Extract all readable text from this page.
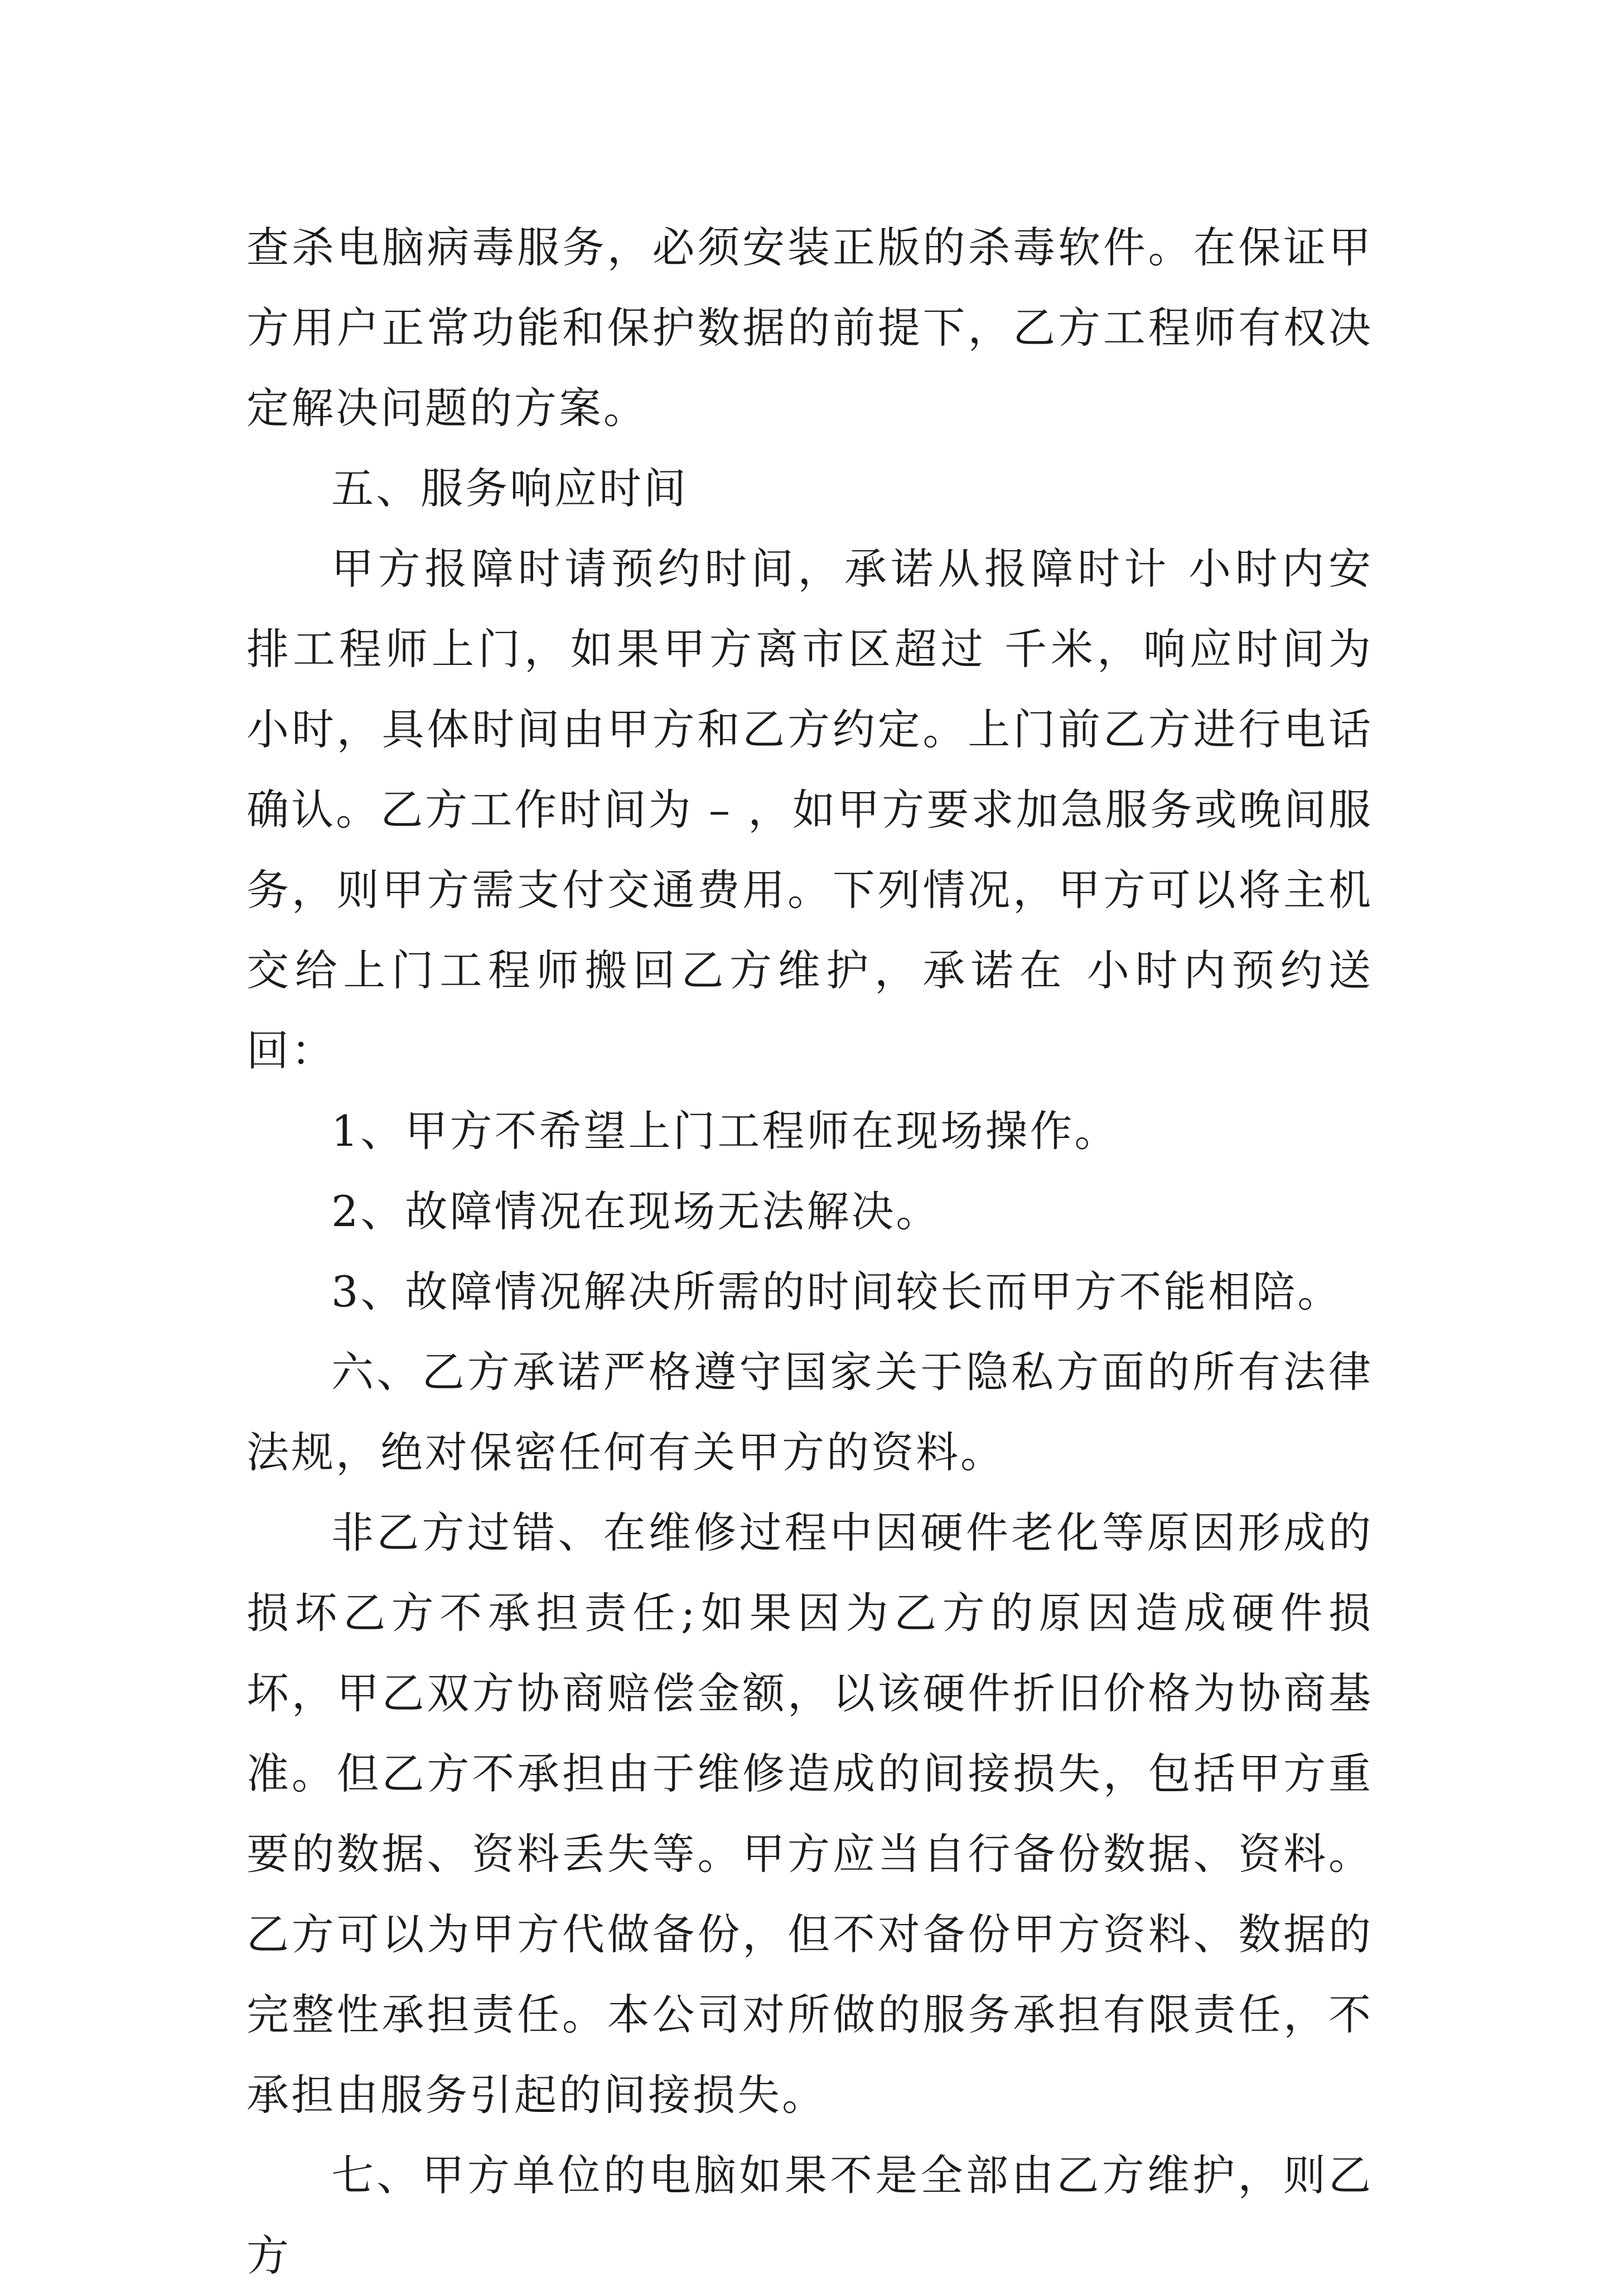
查杀电脑病毒服务，必须安装正版的杀毒软件。在保证甲方用户正常功能和保护数据的前提下，乙方工程师有权决定解决问题的方案。

五、服务响应时间

甲方报障时请预约时间，承诺从报障时计 小时内安排工程师上门，如果甲方离市区超过 千米，响应时间为 小时，具体时间由甲方和乙方约定。上门前乙方进行电话确认。乙方工作时间为 – ，如甲方要求加急服务或晚间服务，则甲方需支付交通费用。下列情况，甲方可以将主机交给上门工程师搬回乙方维护，承诺在 小时内预约送回：

1、甲方不希望上门工程师在现场操作。

2、故障情况在现场无法解决。

3、故障情况解决所需的时间较长而甲方不能相陪。

六、乙方承诺严格遵守国家关于隐私方面的所有法律法规，绝对保密任何有关甲方的资料。

非乙方过错、在维修过程中因硬件老化等原因形成的损坏乙方不承担责任;如果因为乙方的原因造成硬件损坏，甲乙双方协商赔偿金额，以该硬件折旧价格为协商基准。但乙方不承担由于维修造成的间接损失，包括甲方重要的数据、资料丢失等。甲方应当自行备份数据、资料。乙方可以为甲方代做备份，但不对备份甲方资料、数据的完整性承担责任。本公司对所做的服务承担有限责任，不承担由服务引起的间接损失。

七、甲方单位的电脑如果不是全部由乙方维护，则乙方
